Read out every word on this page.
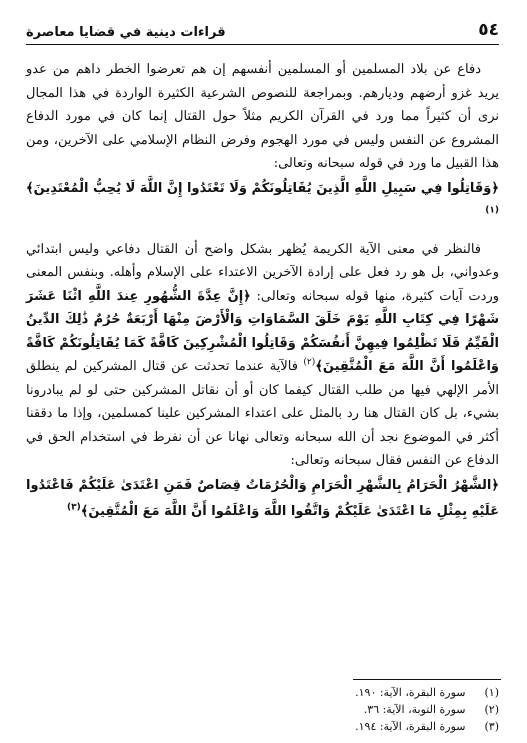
٥٤
قراءات دينية في قضايا معاصرة

دفاع عن بلاد المسلمين أو المسلمين أنفسهم إن هم تعرضوا الخطر داهم من عدو يريد غزو أرضهم وديارهم. وبمراجعة للنصوص الشرعية الكثيرة الواردة في هذا المجال نرى أن كثيراً مما ورد في القرآن الكريم مثلاً حول القتال إنما كان في مورد الدفاع المشروع عن النفس وليس في مورد الهجوم وفرض النظام الإسلامي على الآخرين، ومن هذا القبيل ما ورد في قوله سبحانه وتعالى:

﴿وَقَاتِلُوا فِي سَبِيلِ اللَّهِ الَّذِينَ يُقَاتِلُونَكُمْ وَلَا تَعْتَدُوا إِنَّ اللَّهَ لَا يُحِبُّ الْمُعْتَدِينَ﴾$^{(١)}$

فالنظر في معنى الآية الكريمة يُظهر بشكل واضح أن القتال دفاعي وليس ابتدائي وعدواني، بل هو رد فعل على إرادة الآخرين الاعتداء على الإسلام وأهله. وبنفس المعنى وردت آيات كثيرة، منها قوله سبحانه وتعالى: ﴿إِنَّ عِدَّةَ الشُّهُورِ عِندَ اللَّهِ اثْنَا عَشَرَ شَهْرًا فِي كِتَابِ اللَّهِ يَوْمَ خَلَقَ السَّمَاوَاتِ وَالْأَرْضَ مِنْهَا أَرْبَعَةٌ حُرُمٌ ذَٰلِكَ الدِّينُ الْقَيِّمُ فَلَا تَظْلِمُوا فِيهِنَّ أَنفُسَكُمْ وَقَاتِلُوا الْمُشْرِكِينَ كَافَّةً كَمَا يُقَاتِلُونَكُمْ كَافَّةً وَاعْلَمُوا أَنَّ اللَّهَ مَعَ الْمُتَّقِينَ﴾$^{(٢)}$ فالآية عندما تحدثت عن قتال المشركين لم ينطلق الأمر الإلهي فيها من طلب القتال كيفما كان أو أن نقاتل المشركين حتى لو لم يبادرونا بشيء، بل كان القتال هنا رد بالمثل على اعتداء المشركين علينا كمسلمين، وإذا ما دققنا أكثر في الموضوع نجد أن الله سبحانه وتعالى نهانا عن أن نفرط في استخدام الحق في الدفاع عن النفس فقال سبحانه وتعالى:

﴿الشَّهْرُ الْحَرَامُ بِالشَّهْرِ الْحَرَامِ وَالْحُرُمَاتُ قِصَاصٌ فَمَنِ اعْتَدَىٰ عَلَيْكُمْ فَاعْتَدُوا عَلَيْهِ بِمِثْلِ مَا اعْتَدَىٰ عَلَيْكُمْ وَاتَّقُوا اللَّهَ وَاعْلَمُوا أَنَّ اللَّهَ مَعَ الْمُتَّقِينَ﴾$^{(٣)}$

(١) سورة البقرة، الآية: ١٩٠.
(٢) سورة التوبة، الآية: ٣٦.
(٣) سورة البقرة، الآية: ١٩٤.
